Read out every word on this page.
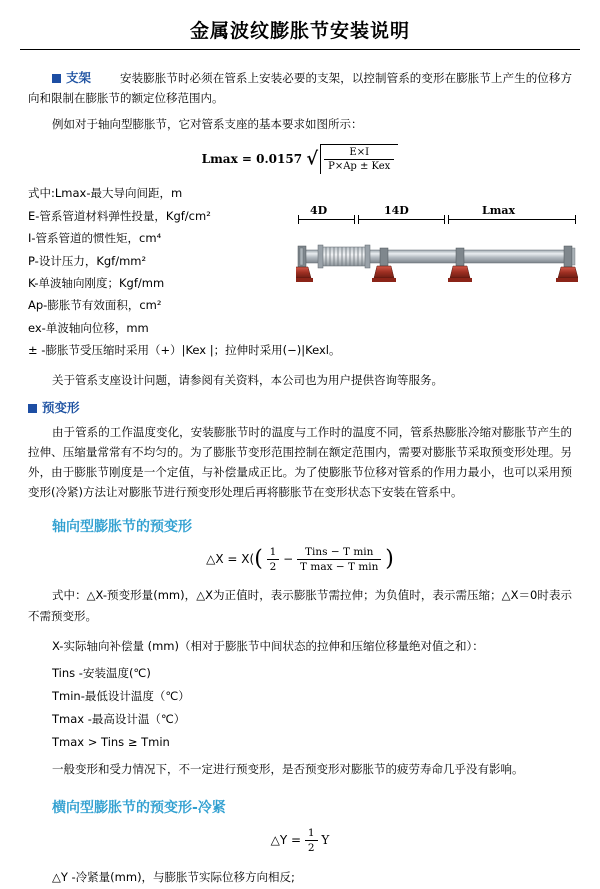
金属波纹膨胀节安装说明
支架	安装膨胀节时必须在管系上安装必要的支架，以控制管系的变形在膨胀节上产生的位移方向和限制在膨胀节的额定位移范围内。

例如对于轴向型膨胀节，它对管系支座的基本要求如图所示：

Lmax = 0.0157 √ $\frac{E\times I}{\text{P×Ap ± Kex}}$
式中:Lmax-最大导向间距，m
E-管系管道材料弹性投量，Kgf/cm²
I-管系管道的惯性矩，cm⁴
P-设计压力，Kgf/mm²
K-单波轴向刚度；Kgf/mm
Ap-膨胀节有效面积，cm²
ex-单波轴向位移，mm
± -膨胀节受压缩时采用（+）|Kex |；拉伸时采用(−)|Kexl。

关于管系支座设计问题，请参阅有关资料，本公司也为用户提供咨询等服务。

预变形

由于管系的工作温度变化，安装膨胀节时的温度与工作时的温度不同，管系热膨胀冷缩对膨胀节产生的拉伸、压缩量常常有不均匀的。为了膨胀节变形范围控制在额定范围内，需要对膨胀节采取预变形处理。另外，由于膨胀节刚度是一个定值，与补偿量成正比。为了使膨胀节位移对管系的作用力最小，也可以采用预变形(冷紧)方法让对膨胀节进行预变形处理后再将膨胀节在变形状态下安装在管系中。

轴向型膨胀节的预变形
△X = $X(( \frac{1}{2} - \frac{\text{Tins − T min}}{\text{T max − T min}}$ )

式中：△X-预变形量(mm)，△X为正值时，表示膨胀节需拉伸；为负值时，表示需压缩；△X＝0时表示不需预变形。

X-实际轴向补偿量 (mm)（相对于膨胀节中间状态的拉伸和压缩位移量绝对值之和）：

Tins -安装温度(℃)
Tmin-最低设计温度（℃）
Tmax -最高设计温（℃）
Tmax > Tins ≥ Tmin
一般变形和受力情况下，不一定进行预变形，是否预变形对膨胀节的疲劳寿命几乎没有影响。
横向型膨胀节的预变形-冷紧
△Y = $\frac{1}{2}$ Y
△Y -冷紧量(mm)，与膨胀节实际位移方向相反;
4D	14D	Lmax
